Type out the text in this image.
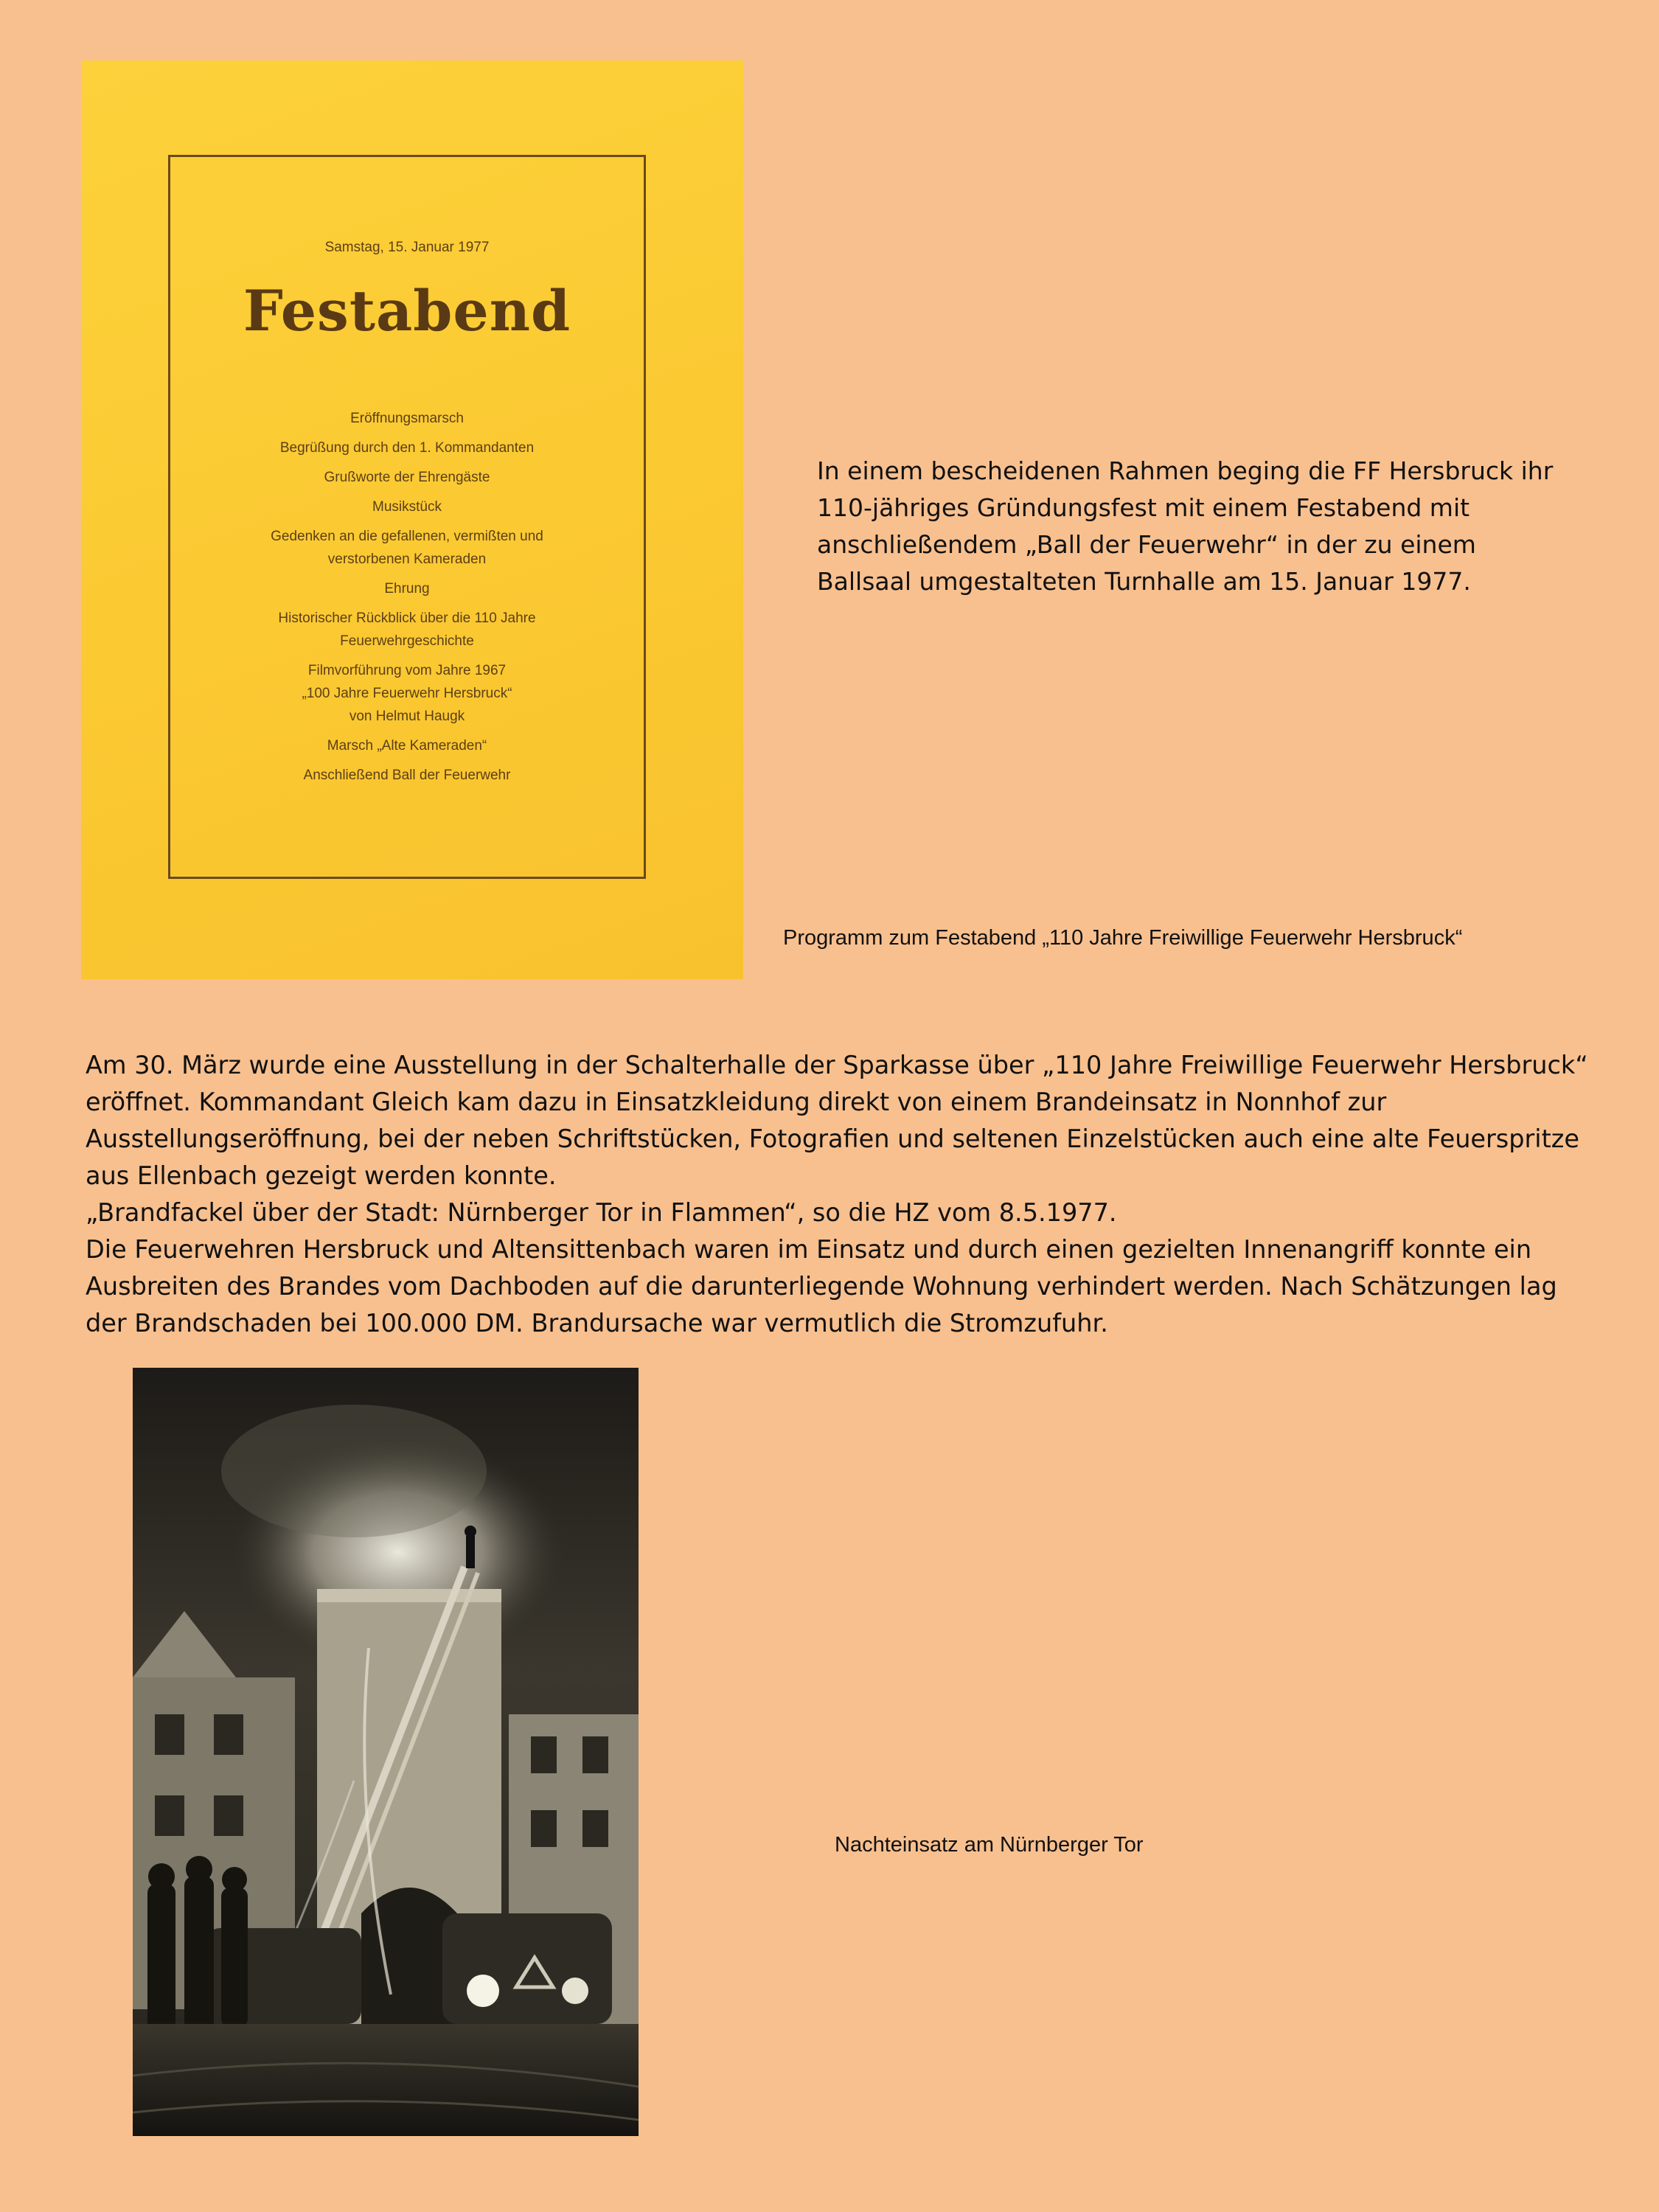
Samstag, 15. Januar 1977
Festabend
Eröffnungsmarsch
Begrüßung durch den 1. Kommandanten
Grußworte der Ehrengäste
Musikstück
Gedenken an die gefallenen, vermißten und
verstorbenen Kameraden
Ehrung
Historischer Rückblick über die 110 Jahre
Feuerwehrgeschichte
Filmvorführung vom Jahre 1967
„100 Jahre Feuerwehr Hersbruck“
von Helmut Haugk
Marsch „Alte Kameraden“
Anschließend Ball der Feuerwehr
In einem bescheidenen Rahmen beging die FF Hersbruck ihr 110-jähriges Gründungsfest mit einem Festabend mit anschließendem „Ball der Feuerwehr“ in der zu einem Ballsaal umgestalteten Turnhalle am 15. Januar 1977.
Programm zum Festabend „110 Jahre Freiwillige Feuerwehr Hersbruck“

Am 30. März wurde eine Ausstellung in der Schalterhalle der Sparkasse über „110 Jahre Freiwillige Feuerwehr Hersbruck“ eröffnet. Kommandant Gleich kam dazu in Einsatzkleidung direkt von einem Brandeinsatz in Nonnhof zur Ausstellungseröffnung, bei der neben Schriftstücken, Fotografien und seltenen Einzelstücken auch eine alte Feuerspritze aus Ellenbach gezeigt werden konnte.

„Brandfackel über der Stadt: Nürnberger Tor in Flammen“, so die HZ vom 8.5.1977.

Die Feuerwehren Hersbruck und Altensittenbach waren im Einsatz und durch einen gezielten Innenangriff konnte ein Ausbreiten des Brandes vom Dachboden auf die darunterliegende Wohnung verhindert werden. Nach Schätzungen lag der Brandschaden bei 100.000 DM. Brandursache war vermutlich die Stromzufuhr.

Nachteinsatz am Nürnberger Tor
